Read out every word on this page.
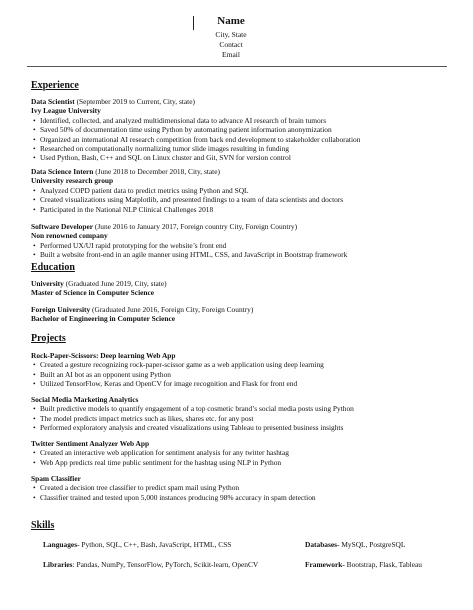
Name
City, State
Contact
Email
Experience
Data Scientist (September 2019 to Current, City, state)
Ivy League University
• Identified, collected, and analyzed multidimensional data to advance AI research of brain tumors
• Saved 50% of documentation time using Python by automating patient information anonymization
• Organized an international AI research competition from back end development to stakeholder collaboration
• Researched on computationally normalizing tumor slide images resulting in funding
• Used Python, Bash, C++ and SQL on Linux cluster and Git, SVN for version control
Data Science Intern (June 2018 to December 2018, City, state)
University research group
• Analyzed COPD patient data to predict metrics using Python and SQL
• Created visualizations using Matplotlib, and presented findings to a team of data scientists and doctors
• Participated in the National NLP Clinical Challenges 2018
Software Developer (June 2016 to January 2017, Foreign country City, Foreign Country)
Non renowned company
• Performed UX/UI rapid prototyping for the website’s front end
• Built a website front-end in an agile manner using HTML, CSS, and JavaScript in Bootstrap framework
Education
University (Graduated June 2019, City, state)
Master of Science in Computer Science
Foreign University (Graduated June 2016, Foreign City, Foreign Country)
Bachelor of Engineering in Computer Science
Projects
Rock-Paper-Scissors: Deep learning Web App
• Created a gesture recognizing rock-paper-scissor game as a web application using deep learning
• Built an AI bot as an opponent using Python
• Utilized TensorFlow, Keras and OpenCV for image recognition and Flask for front end
Social Media Marketing Analytics
• Built predictive models to quantify engagement of a top cosmetic brand’s social media posts using Python
• The model predicts impact metrics such as likes, shares etc. for any post
• Performed exploratory analysis and created visualizations using Tableau to presented business insights
Twitter Sentiment Analyzer Web App
• Created an interactive web application for sentiment analysis for any twitter hashtag
• Web App predicts real time public sentiment for the hashtag using NLP in Python
Spam Classifier
• Created a decision tree classifier to predict spam mail using Python
• Classifier trained and tested upon 5,000 instances producing 98% accuracy in spam detection
Skills
Languages- Python, SQL, C++, Bash, JavaScript, HTML, CSS	Databases- MySQL, PostgreSQL
Libraries: Pandas, NumPy, TensorFlow, PyTorch, Scikit-learn, OpenCV	Framework- Bootstrap, Flask, Tableau
